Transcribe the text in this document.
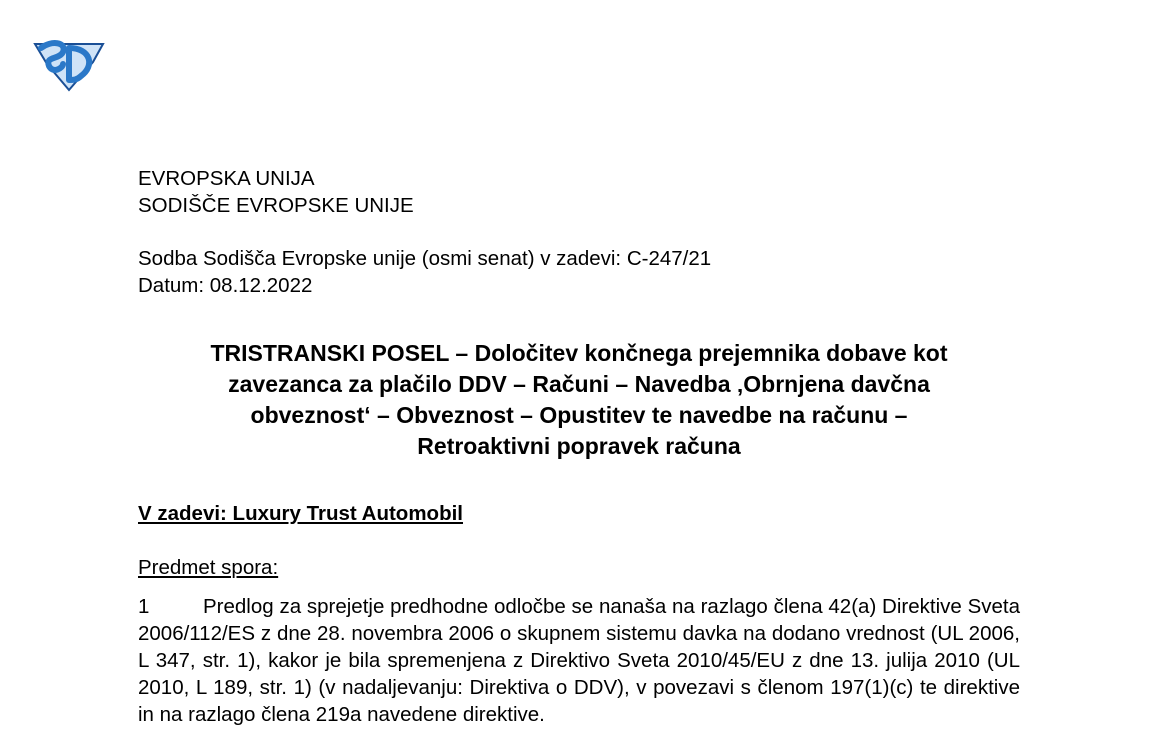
EVROPSKA UNIJA
SODIŠČE EVROPSKE UNIJE
Sodba Sodišča Evropske unije (osmi senat) v zadevi: C-247/21
Datum: 08.12.2022
TRISTRANSKI POSEL – Določitev končnega prejemnika dobave kot
zavezanca za plačilo DDV – Računi – Navedba ‚Obrnjena davčna
obveznost‘ – Obveznost – Opustitev te navedbe na računu –
Retroaktivni popravek računa
V zadevi: Luxury Trust Automobil
Predmet spora:
1	Predlog za sprejetje predhodne odločbe se nanaša na razlago člena 42(a) Direktive Sveta 2006/112/ES z dne 28. novembra 2006 o skupnem sistemu davka na dodano vrednost (UL 2006, L 347, str. 1), kakor je bila spremenjena z Direktivo Sveta 2010/45/EU z dne 13. julija 2010 (UL 2010, L 189, str. 1) (v nadaljevanju: Direktiva o DDV), v povezavi s členom 197(1)(c) te direktive in na razlago člena 219a navedene direktive.
